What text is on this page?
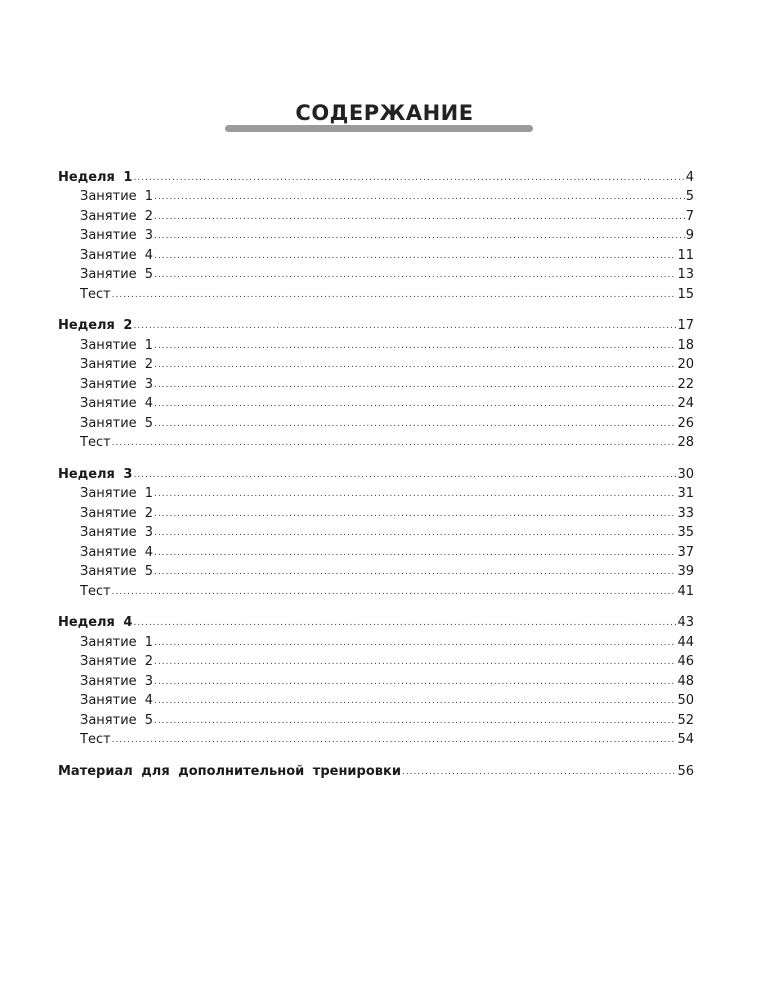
СОДЕРЖАНИЕ
Неделя 1 .....	4
Занятие 1 .....	5
Занятие 2 .....	7
Занятие 3 .....	9
Занятие 4 .....	11
Занятие 5 .....	13
Тест .....	15
Неделя 2 .....	17
Занятие 1 .....	18
Занятие 2 .....	20
Занятие 3 .....	22
Занятие 4 .....	24
Занятие 5 .....	26
Тест .....	28
Неделя 3 .....	30
Занятие 1 .....	31
Занятие 2 .....	33
Занятие 3 .....	35
Занятие 4 .....	37
Занятие 5 .....	39
Тест .....	41
Неделя 4 .....	43
Занятие 1 .....	44
Занятие 2 .....	46
Занятие 3 .....	48
Занятие 4 .....	50
Занятие 5 .....	52
Тест .....	54
Материал для дополнительной тренировки .....	56
